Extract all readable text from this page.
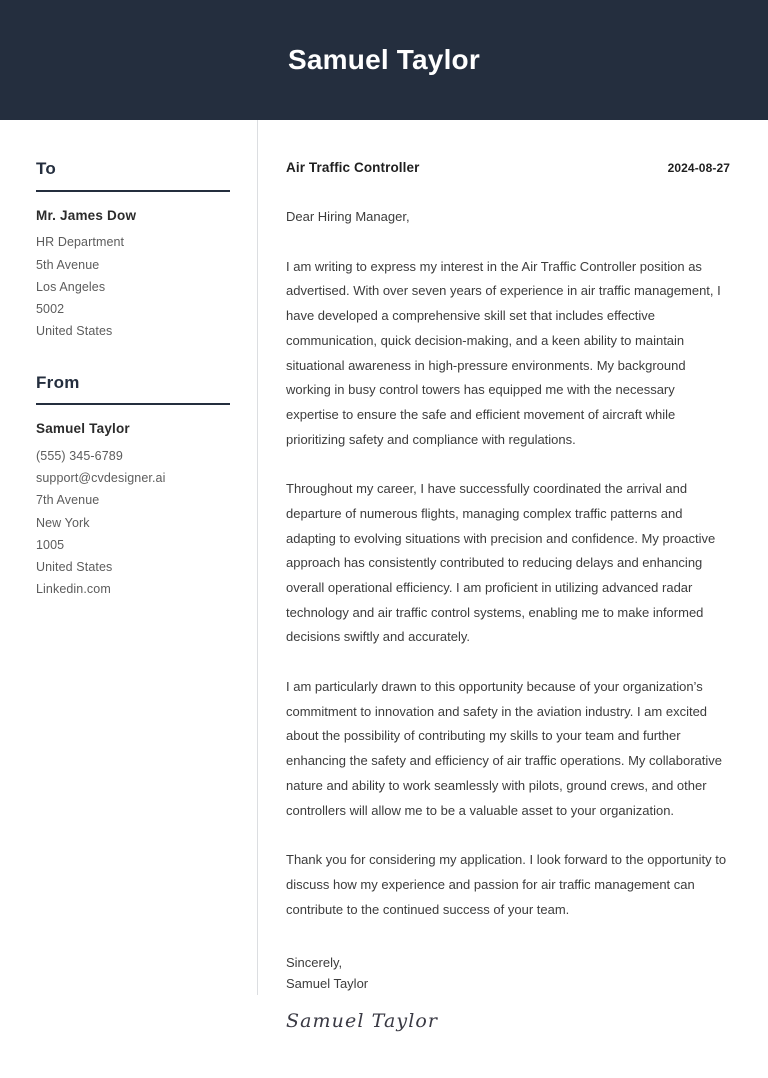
Samuel Taylor
To
Mr. James Dow
HR Department
5th Avenue
Los Angeles
5002
United States
From
Samuel Taylor
(555) 345-6789
support@cvdesigner.ai
7th Avenue
New York
1005
United States
Linkedin.com
Air Traffic Controller	2024-08-27
Dear Hiring Manager,

I am writing to express my interest in the Air Traffic Controller position as advertised. With over seven years of experience in air traffic management, I have developed a comprehensive skill set that includes effective communication, quick decision-making, and a keen ability to maintain situational awareness in high-pressure environments. My background working in busy control towers has equipped me with the necessary expertise to ensure the safe and efficient movement of aircraft while prioritizing safety and compliance with regulations.

Throughout my career, I have successfully coordinated the arrival and departure of numerous flights, managing complex traffic patterns and adapting to evolving situations with precision and confidence. My proactive approach has consistently contributed to reducing delays and enhancing overall operational efficiency. I am proficient in utilizing advanced radar technology and air traffic control systems, enabling me to make informed decisions swiftly and accurately.

I am particularly drawn to this opportunity because of your organization’s commitment to innovation and safety in the aviation industry. I am excited about the possibility of contributing my skills to your team and further enhancing the safety and efficiency of air traffic operations. My collaborative nature and ability to work seamlessly with pilots, ground crews, and other controllers will allow me to be a valuable asset to your organization.

Thank you for considering my application. I look forward to the opportunity to discuss how my experience and passion for air traffic management can contribute to the continued success of your team.

Sincerely,
Samuel Taylor
Samuel Taylor
